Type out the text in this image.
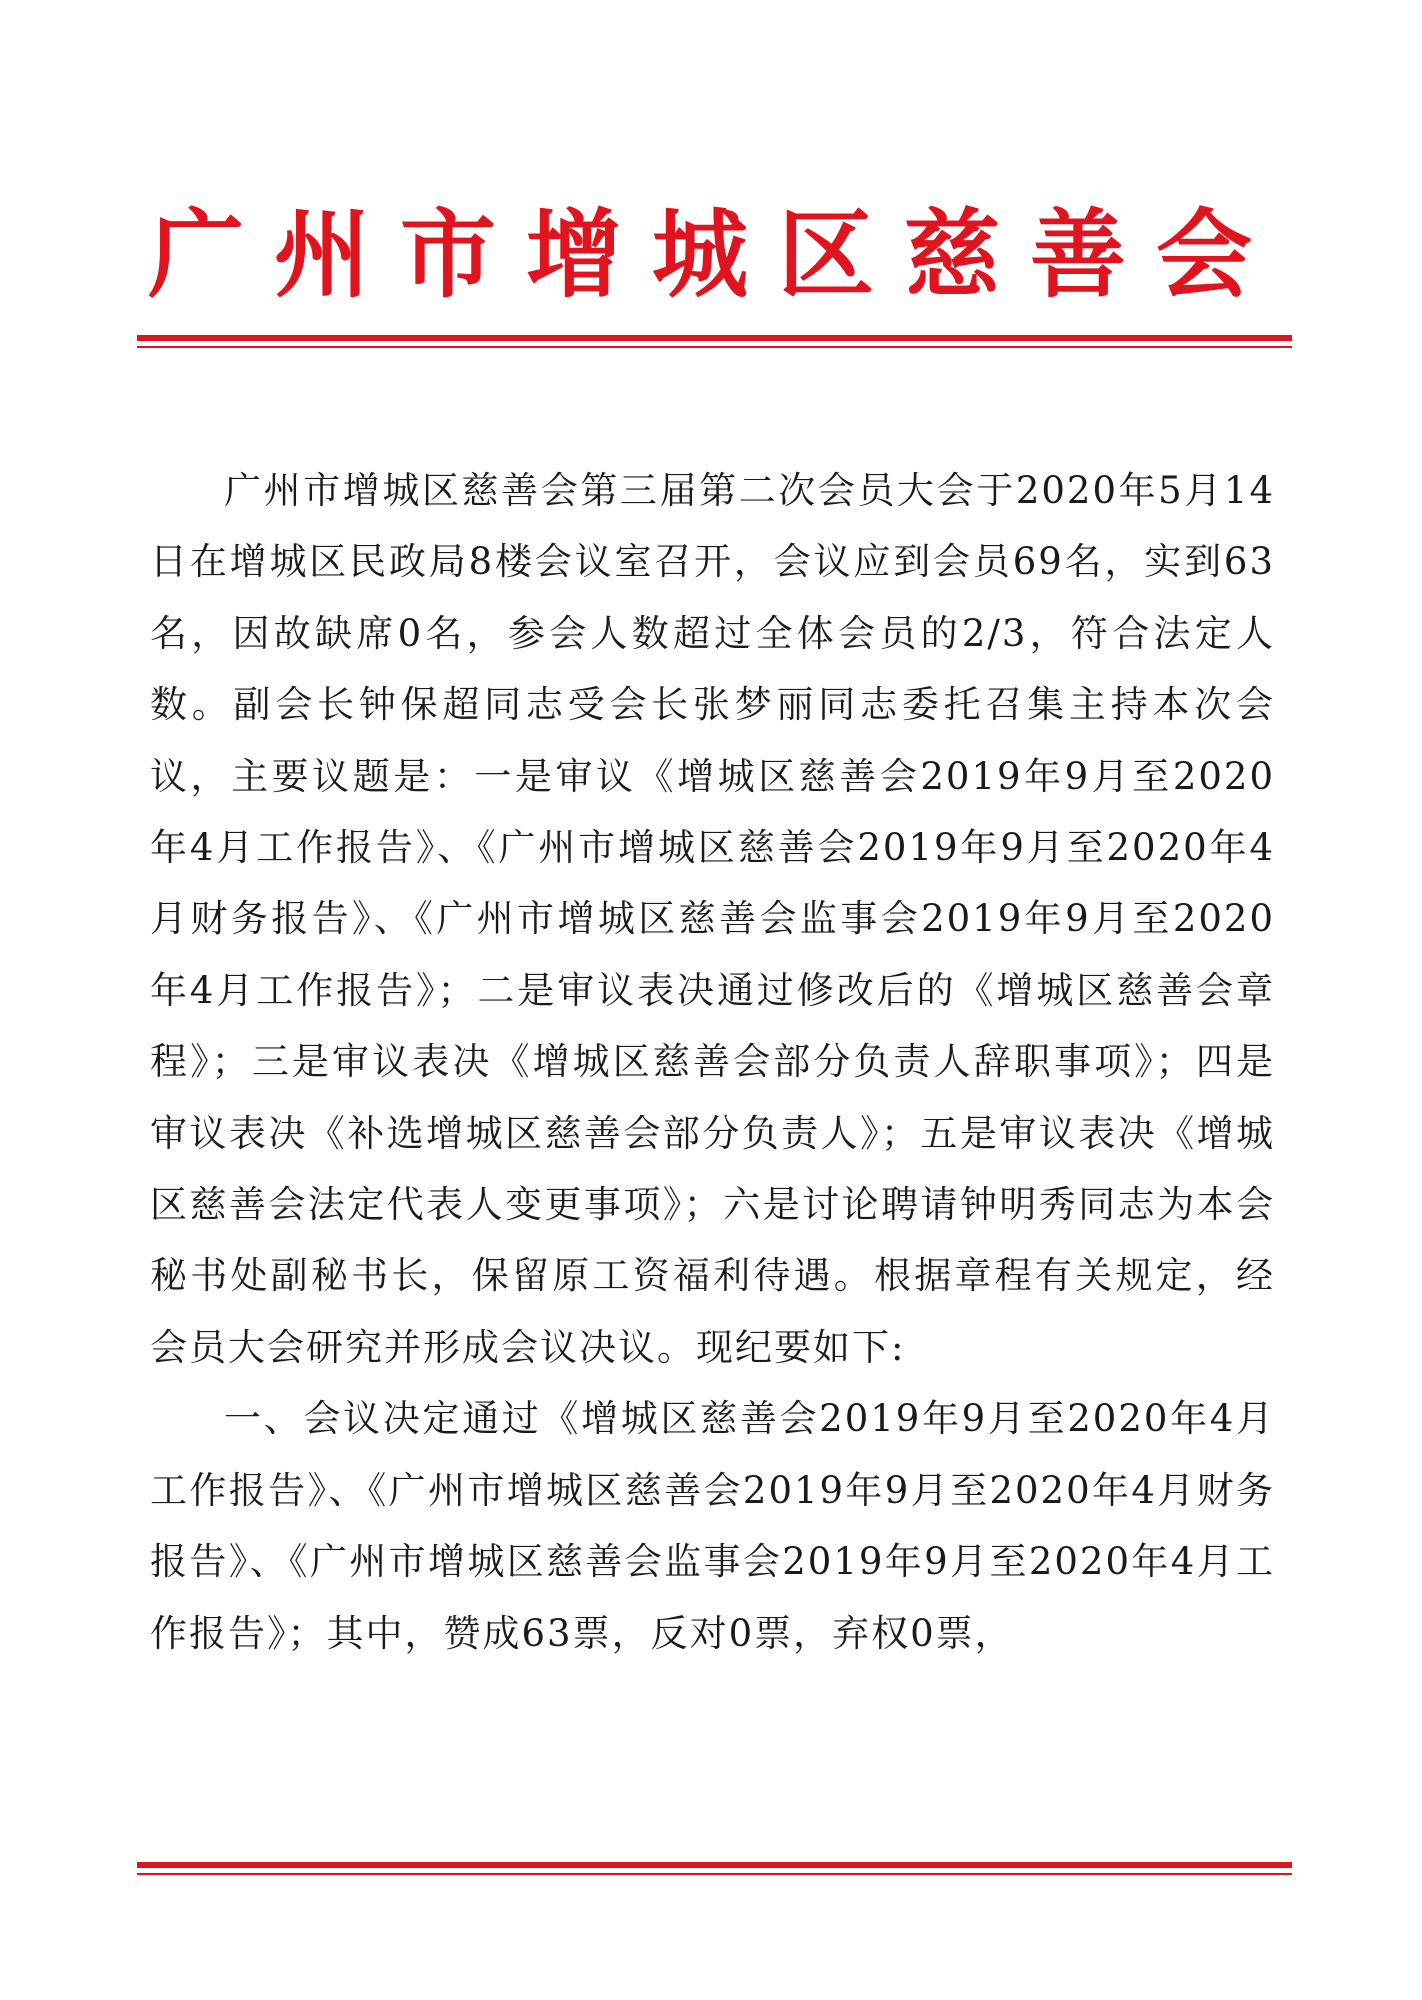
广州市增城区慈善会

广州市增城区慈善会第三届第二次会员大会于2020年5月14日在增城区民政局8楼会议室召开，会议应到会员69名，实到63名，因故缺席0名，参会人数超过全体会员的2/3，符合法定人数。副会长钟保超同志受会长张梦丽同志委托召集主持本次会议，主要议题是：一是审议《增城区慈善会2019年9月至2020年4月工作报告》、《广州市增城区慈善会2019年9月至2020年4月财务报告》、《广州市增城区慈善会监事会2019年9月至2020年4月工作报告》；二是审议表决通过修改后的《增城区慈善会章程》；三是审议表决《增城区慈善会部分负责人辞职事项》；四是审议表决《补选增城区慈善会部分负责人》；五是审议表决《增城区慈善会法定代表人变更事项》；六是讨论聘请钟明秀同志为本会秘书处副秘书长，保留原工资福利待遇。根据章程有关规定，经会员大会研究并形成会议决议。现纪要如下:

一、会议决定通过《增城区慈善会2019年9月至2020年4月工作报告》、《广州市增城区慈善会2019年9月至2020年4月财务报告》、《广州市增城区慈善会监事会2019年9月至2020年4月工作报告》；其中，赞成63票，反对0票，弃权0票，
